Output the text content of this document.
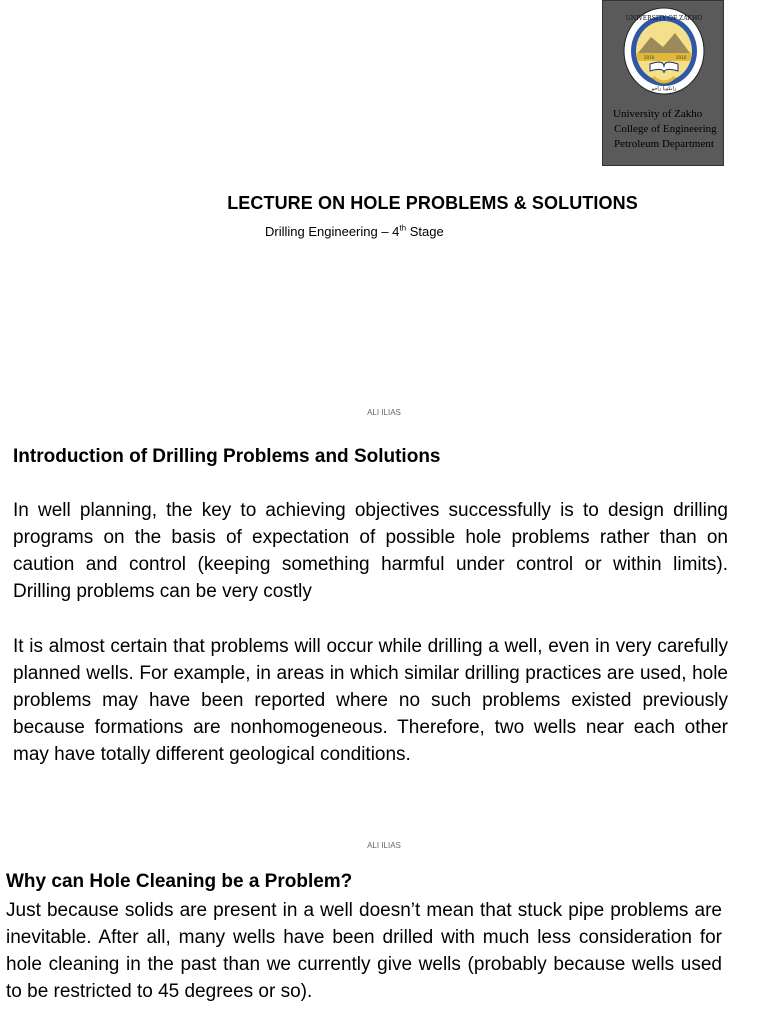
UNIVERSITY OF ZAKHO
2010	2010
زانكويا زاخو
University of Zakho
College of Engineering
Petroleum Department
LECTURE ON HOLE PROBLEMS & SOLUTIONS
Drilling Engineering – 4th Stage
ALI ILIAS
Introduction of Drilling Problems and Solutions
In well planning, the key to achieving objectives successfully is to design drilling programs on the basis of expectation of possible hole problems rather than on caution and control (keeping something harmful under control or within limits). Drilling problems can be very costly
It is almost certain that problems will occur while drilling a well, even in very carefully planned wells. For example, in areas in which similar drilling practices are used, hole problems may have been reported where no such problems existed previously because formations are nonhomogeneous. Therefore, two wells near each other may have totally different geological conditions.
ALI ILIAS
Why can Hole Cleaning be a Problem?
Just because solids are present in a well doesn’t mean that stuck pipe problems are inevitable. After all, many wells have been drilled with much less consideration for hole cleaning in the past than we currently give wells (probably because wells used to be restricted to 45 degrees or so).
